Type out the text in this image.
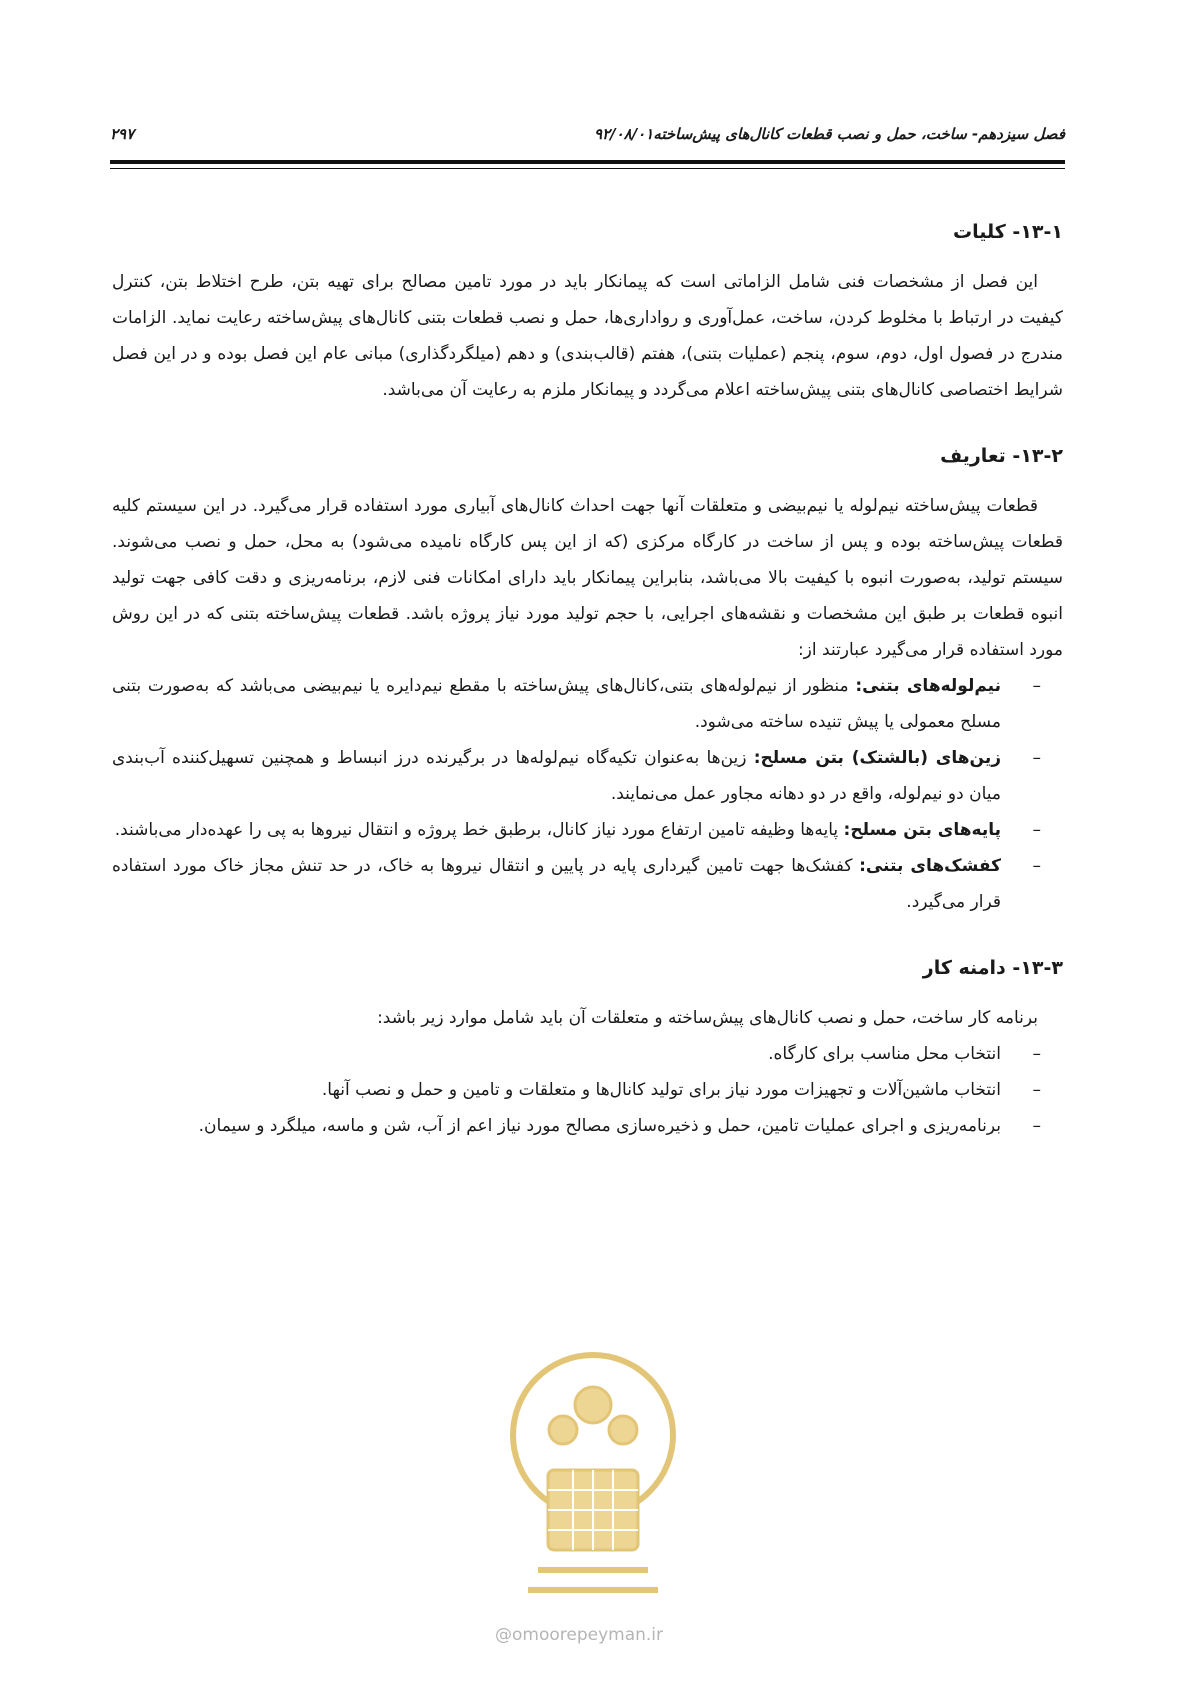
فصل سیزدهم- ساخت، حمل و نصب قطعات کانال‌های پیش‌ساخته۹۲/۰۸/۰۱
۲۹۷
۱۳-۱- کلیات

این فصل از مشخصات فنی شامل الزاماتی است که پیمانکار باید در مورد تامین مصالح برای تهیه بتن، طرح اختلاط بتن، کنترل کیفیت در ارتباط با مخلوط کردن، ساخت، عمل‌آوری و رواداری‌ها، حمل و نصب قطعات بتنی کانال‌های پیش‌ساخته رعایت نماید. الزامات مندرج در فصول اول، دوم، سوم، پنجم (عملیات بتنی)، هفتم (قالب‌بندی) و دهم (میلگردگذاری) مبانی عام این فصل بوده و در این فصل شرایط اختصاصی کانال‌های بتنی پیش‌ساخته اعلام می‌گردد و پیمانکار ملزم به رعایت آن می‌باشد.

۱۳-۲- تعاریف

قطعات پیش‌ساخته نیم‌لوله یا نیم‌بیضی و متعلقات آنها جهت احداث کانال‌های آبیاری مورد استفاده قرار می‌گیرد. در این سیستم کلیه قطعات پیش‌ساخته بوده و پس از ساخت در کارگاه مرکزی (که از این پس کارگاه نامیده می‌شود) به محل، حمل و نصب می‌شوند. سیستم تولید، به‌صورت انبوه با کیفیت بالا می‌باشد، بنابراین پیمانکار باید دارای امکانات فنی لازم، برنامه‌ریزی و دقت کافی جهت تولید انبوه قطعات بر طبق این مشخصات و نقشه‌های اجرایی، با حجم تولید مورد نیاز پروژه باشد. قطعات پیش‌ساخته بتنی که در این روش مورد استفاده قرار می‌گیرد عبارتند از:

–
نیم‌لوله‌های بتنی: منظور از نیم‌لوله‌های بتنی،کانال‌های پیش‌ساخته با مقطع نیم‌دایره یا نیم‌بیضی می‌باشد که به‌صورت بتنی مسلح معمولی یا پیش تنیده ساخته می‌شود.
–
زین‌های (بالشتک) بتن مسلح: زین‌ها به‌عنوان تکیه‌گاه نیم‌لوله‌ها در برگیرنده درز انبساط و همچنین تسهیل‌کننده آب‌بندی میان دو نیم‌لوله، واقع در دو دهانه مجاور عمل می‌نمایند.
–
پایه‌های بتن مسلح: پایه‌ها وظیفه تامین ارتفاع مورد نیاز کانال، برطبق خط پروژه و انتقال نیروها به پی را عهده‌دار می‌باشند.
–
کفشک‌های بتنی: کفشک‌ها جهت تامین گیرداری پایه در پایین و انتقال نیروها به خاک، در حد تنش مجاز خاک مورد استفاده قرار می‌گیرد.
۱۳-۳- دامنه کار

برنامه کار ساخت، حمل و نصب کانال‌های پیش‌ساخته و متعلقات آن باید شامل موارد زیر باشد:

–
انتخاب محل مناسب برای کارگاه.
–
انتخاب ماشین‌آلات و تجهیزات مورد نیاز برای تولید کانال‌ها و متعلقات و تامین و حمل و نصب آنها.
–
برنامه‌ریزی و اجرای عملیات تامین، حمل و ذخیره‌سازی مصالح مورد نیاز اعم از آب، شن و ماسه، میلگرد و سیمان.
@omoorepeyman.ir
